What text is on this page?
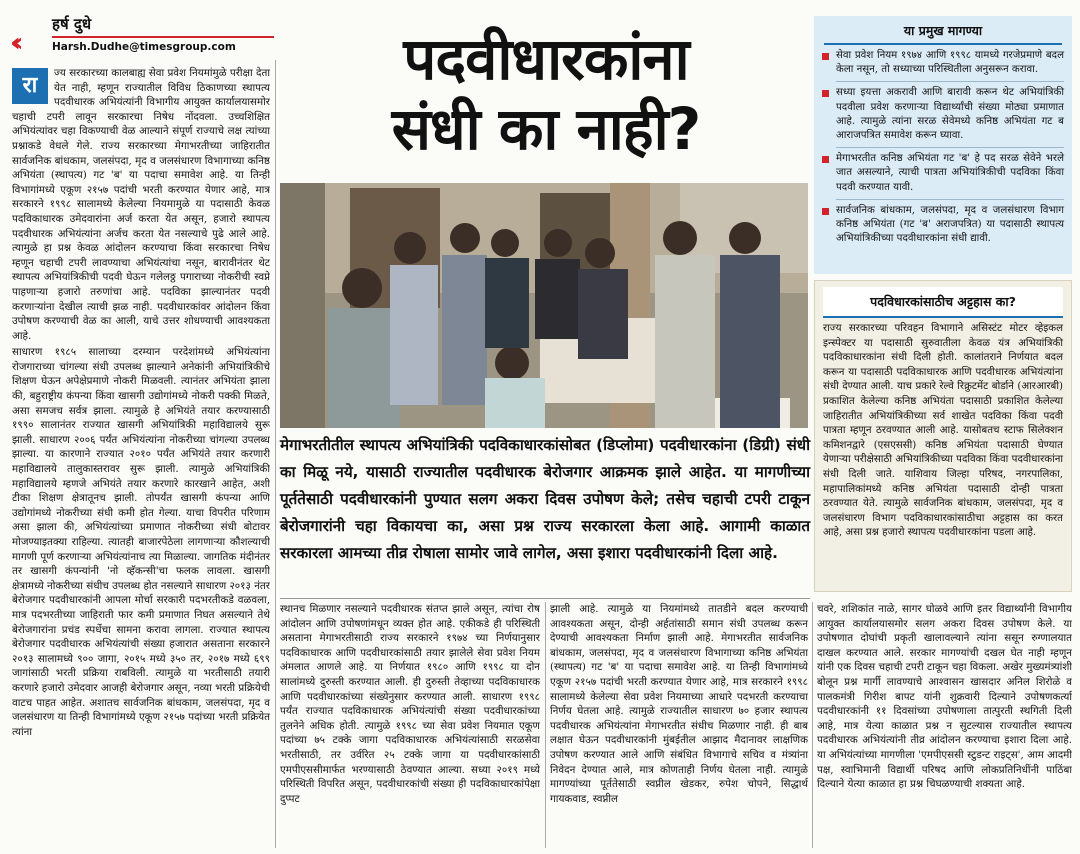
‹‹
हर्ष दुधे
Harsh.Dudhe@timesgroup.com

रा	ज्य सरकारच्या कालबाह्य सेवा प्रवेश नियमांमुळे परीक्षा देता येत नाही, म्हणून राज्यातील विविध ठिकाणच्या स्थापत्य पदवीधारक अभियंत्यांनी विभागीय आयुक्त कार्यालयासमोर चहाची टपरी लावून सरकारचा निषेध नोंदवला. उच्चशिक्षित अभियंत्यांवर चहा विकण्याची वेळ आल्याने संपूर्ण राज्याचे लक्ष त्यांच्या प्रश्नाकडे वेधले गेले. राज्य सरकारच्या मेगाभरतीच्या जाहिरातीत सार्वजनिक बांधकाम, जलसंपदा, मृद व जलसंधारण विभागाच्या कनिष्ठ अभियंता (स्थापत्य) गट 'ब' या पदाचा समावेश आहे. या तिन्ही विभागांमध्ये एकूण २१५७ पदांची भरती करण्यात येणार आहे, मात्र सरकारने १९९८ सालामध्ये केलेल्या नियमामुळे या पदासाठी केवळ पदविकाधारक उमेदवारांना अर्ज करता येत असून, हजारो स्थापत्य पदवीधारक अभियंत्यांना अर्जच करता येत नसल्याचे पुढे आले आहे. त्यामुळे हा प्रश्न केवळ आंदोलन करण्याचा किंवा सरकारचा निषेध म्हणून चहाची टपरी लावण्याचा अभियंत्यांचा नसून, बारावीनंतर थेट स्थापत्य अभियांत्रिकीची पदवी घेऊन गलेलठ्ठ पगाराच्या नोकरीची स्वप्ने पाहणाऱ्या हजारो तरुणांचा आहे. पदविका झाल्यानंतर पदवी करणाऱ्यांना देखील त्याची झळ नाही. पदवीधारकांवर आंदोलन किंवा उपोषण करण्याची वेळ का आली, याचे उत्तर शोधण्याची आवश्यकता आहे.

साधारण १९८५ सालाच्या दरम्यान परदेशांमध्ये अभियंत्यांना रोजगाराच्या चांगल्या संधी उपलब्ध झाल्याने अनेकांनी अभियांत्रिकीचे शिक्षण घेऊन अपेक्षेप्रमाणे नोकरी मिळवली. त्यानंतर अभियंता झाला की, बहुराष्ट्रीय कंपन्या किंवा खासगी उद्योगांमध्ये नोकरी पक्की मिळते, असा समजच सर्वत्र झाला. त्यामुळे हे अभियंते तयार करण्यासाठी १९९० सालानंतर राज्यात खासगी अभियांत्रिकी महाविद्यालये सुरू झाली. साधारण २००६ पर्यंत अभियंत्यांना नोकरीच्या चांगल्या उपलब्ध झाल्या. या कारणाने राज्यात २०१० पर्यंत अभियंते तयार करणारी महाविद्यालये तालुकास्तरावर सुरू झाली. त्यामुळे अभियांत्रिकी महाविद्यालये म्हणजे अभियंते तयार करणारे कारखाने आहेत, अशी टीका शिक्षण क्षेत्रातूनच झाली. तोपर्यंत खासगी कंपन्या आणि उद्योगांमध्ये नोकरीच्या संधी कमी होत गेल्या. याचा विपरीत परिणाम असा झाला की, अभियंत्यांच्या प्रमाणात नोकरीच्या संधी बोटावर मोजण्याइतक्या राहिल्या. त्यातही बाजारपेठेला लागणाऱ्या कौशल्याची मागणी पूर्ण करणाऱ्या अभियंत्यांनाच त्या मिळाल्या. जागतिक मंदीनंतर तर खासगी कंपन्यांनी 'नो व्हॅकन्सी'चा फलक लावला. खासगी क्षेत्रामध्ये नोकरीच्या संधीच उपलब्ध होत नसल्याने साधारण २०१३ नंतर बेरोजगार पदवीधारकांनी आपला मोर्चा सरकारी पदभरतीकडे वळवला, मात्र पदभरतीच्या जाहिराती फार कमी प्रमाणात निघत असल्याने तेथे बेरोजगारांना प्रचंड स्पर्धेचा सामना करावा लागला. राज्यात स्थापत्य बेरोजगार पदवीधारक अभियंत्यांची संख्या हजारात असताना सरकारने २०१३ सालामध्ये ९०० जागा, २०१५ मध्ये ३५० तर, २०१७ मध्ये ६९९ जागांसाठी भरती प्रक्रिया राबविली. त्यामुळे या भरतीसाठी तयारी करणारे हजारो उमेदवार आजही बेरोजगार असून, नव्या भरती प्रक्रियेची वाटच पाहत आहेत. अशातच सार्वजनिक बांधकाम, जलसंपदा, मृद व जलसंधारण या तिन्ही विभागांमध्ये एकूण २१५७ पदांच्या भरती प्रक्रियेत त्यांना

पदवीधारकांना
संधी का नाही?
मेगाभरतीतील स्थापत्य अभियांत्रिकी पदविकाधारकांसोबत (डिप्लोमा) पदवीधारकांना (डिग्री) संधी का मिळू नये, यासाठी राज्यातील पदवीधारक बेरोजगार आक्रमक झाले आहेत. या मागणीच्या पूर्ततेसाठी पदवीधारकांनी पुण्यात सलग अकरा दिवस उपोषण केले; तसेच चहाची टपरी टाकून बेरोजगारांनी चहा विकायचा का, असा प्रश्न राज्य सरकारला केला आहे. आगामी काळात सरकारला आमच्या तीव्र रोषाला सामोर जावे लागेल, असा इशारा पदवीधारकांनी दिला आहे.

स्थानच मिळणार नसल्याने पदवीधारक संतप्त झाले असून, त्यांचा रोष आंदोलन आणि उपोषणांमधून व्यक्त होत आहे. एकीकडे ही परिस्थिती असताना मेगाभरतीसाठी राज्य सरकारने १९७४ च्या निर्णयानुसार पदविकाधारक आणि पदवीधारकांसाठी तयार झालेले सेवा प्रवेश नियम अंमलात आणले आहे. या निर्णयात १९८० आणि १९९८ या दोन सालांमध्ये दुरुस्ती करण्यात आली. ही दुरुस्ती तेव्हाच्या पदविकाधारक आणि पदवीधारकांच्या संख्येनुसार करण्यात आली. साधारण १९९८ पर्यंत राज्यात पदविकाधारक अभियंत्यांची संख्या पदवीधारकांच्या तुलनेने अधिक होती. त्यामुळे १९९८ च्या सेवा प्रवेश नियमात एकूण पदांच्या ७५ टक्के जागा पदविकाधारक अभियंत्यांसाठी सरळसेवा भरतीसाठी, तर उर्वरित २५ टक्के जागा या पदवीधारकांसाठी एमपीएससीमार्फत भरण्यासाठी ठेवण्यात आल्या. सध्या २०१९ मध्ये परिस्थिती विपरित असून, पदवीधारकांची संख्या ही पदविकाधारकांपेक्षा दुप्पट

झाली आहे. त्यामुळे या नियमांमध्ये तातडीने बदल करण्याची आवश्यकता असून, दोन्ही अर्हतांसाठी समान संधी उपलब्ध करून देण्याची आवश्यकता निर्माण झाली आहे. मेगाभरतीत सार्वजनिक बांधकाम, जलसंपदा, मृद व जलसंधारण विभागाच्या कनिष्ठ अभियंता (स्थापत्य) गट 'ब' या पदाचा समावेश आहे. या तिन्ही विभागांमध्ये एकूण २१५७ पदांची भरती करण्यात येणार आहे, मात्र सरकारने १९९८ सालामध्ये केलेल्या सेवा प्रवेश नियमाच्या आधारे पदभरती करण्याचा निर्णय घेतला आहे. त्यामुळे राज्यातील साधारण ७० हजार स्थापत्य पदवीधारक अभियंत्यांना मेगाभरतीत संधीच मिळणार नाही. ही बाब लक्षात घेऊन पदवीधारकांनी मुंबईतील आझाद मैदानावर लाक्षणिक उपोषण करण्यात आले आणि संबंधित विभागाचे सचिव व मंत्र्यांना निवेदन देण्यात आले, मात्र कोणताही निर्णय घेतला नाही. त्यामुळे मागण्यांच्या पूर्ततेसाठी स्वप्नील खेडकर, रुपेश चोपने, सिद्धार्थ गायकवाड, स्वप्नील

चवरे, शशिकांत नाळे, सागर घोळवे आणि इतर विद्यार्थ्यांनी विभागीय आयुक्त कार्यालयासमोर सलग अकरा दिवस उपोषण केले. या उपोषणात दोघांची प्रकृती खालावल्याने त्यांना ससून रुग्णालयात दाखल करण्यात आले. सरकार मागण्यांची दखल घेत नाही म्हणून यांनी एक दिवस चहाची टपरी टाकून चहा विकला. अखेर मुख्यमंत्र्यांशी बोलून प्रश्न मार्गी लावण्याचे आश्वासन खासदार अनिल शिरोळे व पालकमंत्री गिरीश बापट यांनी शुक्रवारी दिल्याने उपोषणकर्त्या पदवीधारकांनी ११ दिवसांच्या उपोषणाला तात्पुरती स्थगिती दिली आहे, मात्र येत्या काळात प्रश्न न सुटल्यास राज्यातील स्थापत्य पदवीधारक अभियंत्यांनी तीव्र आंदोलन करण्याचा इशारा दिला आहे. या अभियंत्यांच्या मागणीला 'एमपीएससी स्टुडन्ट राइट्स', आम आदमी पक्ष, स्वाभिमानी विद्यार्थी परिषद आणि लोकप्रतिनिधींनी पाठिंबा दिल्याने येत्या काळात हा प्रश्न चिघळण्याची शक्यता आहे.

या प्रमुख मागण्या
सेवा प्रवेश नियम १९७४ आणि १९९८ यामध्ये गरजेप्रमाणे बदल केला नसून, तो सध्याच्या परिस्थितीला अनुसरून करावा.
सध्या इयत्ता अकरावी आणि बारावी करून थेट अभियांत्रिकी पदवीला प्रवेश करणाऱ्या विद्यार्थ्यांची संख्या मोठ्या प्रमाणात आहे. त्यामुळे त्यांना सरळ सेवेमध्ये कनिष्ठ अभियंता गट ब आराजपत्रित समावेश करून घ्यावा.
मेगाभरतीत कनिष्ठ अभियंता गट 'ब' हे पद सरळ सेवेने भरले जात असल्याने, त्याची पात्रता अभियांत्रिकीची पदविका किंवा पदवी करण्यात यावी.
सार्वजनिक बांधकाम, जलसंपदा, मृद व जलसंधारण विभाग कनिष्ठ अभियंता (गट 'ब' अराजपत्रित) या पदासाठी स्थापत्य अभियांत्रिकीच्या पदवीधारकांना संधी द्यावी.
पदविधारकांसाठीच अट्टहास का?
राज्य सरकारच्या परिवहन विभागाने असिस्टंट मोटर व्हेइकल इन्स्पेक्टर या पदासाठी सुरुवातीला केवळ यंत्र अभियांत्रिकी पदविकाधारकांना संधी दिली होती. कालांतराने निर्णयात बदल करून या पदासाठी पदविकाधारक आणि पदवीधारक अभियंत्यांना संधी देण्यात आली. याच प्रकारे रेल्वे रिक्रुटमेंट बोर्डाने (आरआरबी) प्रकाशित केलेल्या कनिष्ठ अभियंता पदासाठी प्रकाशित केलेल्या जाहिरातीत अभियांत्रिकीच्या सर्व शाखेत पदविका किंवा पदवी पात्रता म्हणून ठरवण्यात आली आहे. यासोबतच स्टाफ सिलेक्शन कमिशनद्वारे (एसएससी) कनिष्ठ अभियंता पदासाठी घेण्यात येणाऱ्या परीक्षेसाठी अभियांत्रिकीच्या पदविका किंवा पदवीधारकांना संधी दिली जाते. याशिवाय जिल्हा परिषद, नगरपालिका, महापालिकांमध्ये कनिष्ठ अभियंता पदासाठी दोन्ही पात्रता ठरवण्यात येते. त्यामुळे सार्वजनिक बांधकाम, जलसंपदा, मृद व जलसंधारण विभाग पदविकाधारकांसाठीचा अट्टहास का करत आहे, असा प्रश्न हजारो स्थापत्य पदवीधारकांना पडला आहे.
